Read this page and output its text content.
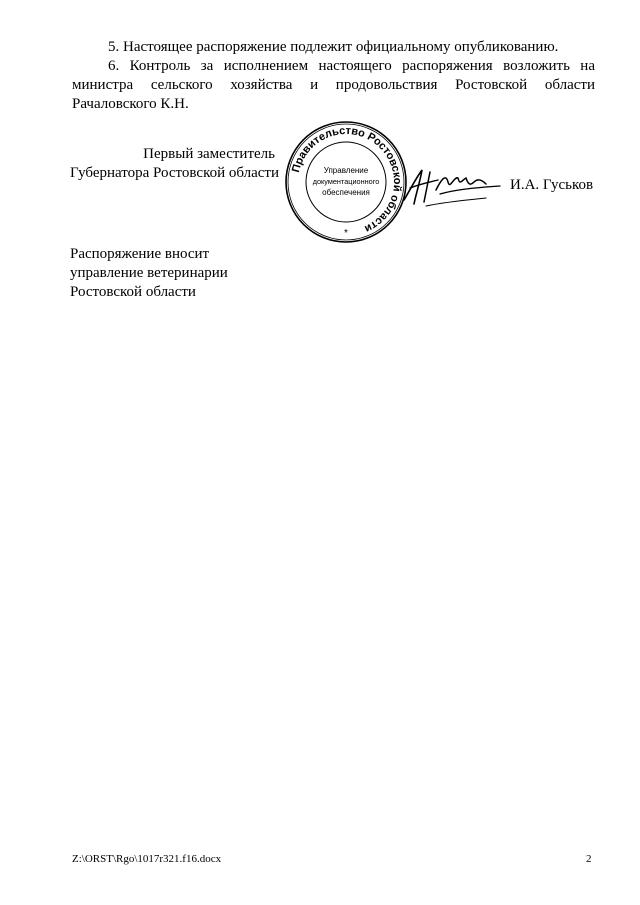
5. Настоящее распоряжение подлежит официальному опубликованию.

6. Контроль за исполнением настоящего распоряжения возложить на министра сельского хозяйства и продовольствия Ростовской области Рачаловского К.Н.

Первый заместитель
Губернатора Ростовской области Правительство Ростовской области
Управление
документационного
обеспечения
*
И.А. Гуськов
Распоряжение вносит
управление ветеринарии
Ростовской области
Z:\ORST\Rgo\1017r321.f16.docx	2
